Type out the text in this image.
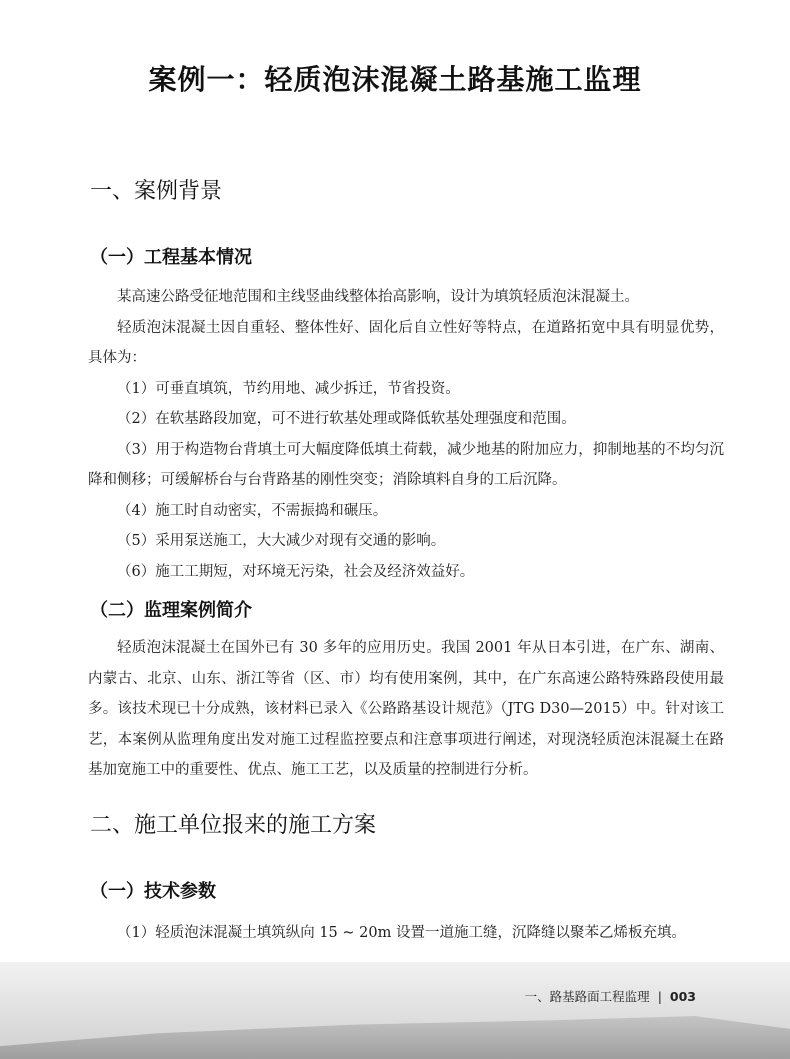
案例一：轻质泡沫混凝土路基施工监理
一、案例背景
（一）工程基本情况

某高速公路受征地范围和主线竖曲线整体抬高影响，设计为填筑轻质泡沫混凝土。

轻质泡沫混凝土因自重轻、整体性好、固化后自立性好等特点，在道路拓宽中具有明显优势，具体为：

（1）可垂直填筑，节约用地、减少拆迁，节省投资。

（2）在软基路段加宽，可不进行软基处理或降低软基处理强度和范围。

（3）用于构造物台背填土可大幅度降低填土荷载，减少地基的附加应力，抑制地基的不均匀沉降和侧移；可缓解桥台与台背路基的刚性突变；消除填料自身的工后沉降。

（4）施工时自动密实，不需振捣和碾压。

（5）采用泵送施工，大大减少对现有交通的影响。

（6）施工工期短，对环境无污染，社会及经济效益好。

（二）监理案例简介

轻质泡沫混凝土在国外已有 30 多年的应用历史。我国 2001 年从日本引进，在广东、湖南、内蒙古、北京、山东、浙江等省（区、市）均有使用案例，其中，在广东高速公路特殊路段使用最多。该技术现已十分成熟，该材料已录入《公路路基设计规范》（JTG D30—2015）中。针对该工艺，本案例从监理角度出发对施工过程监控要点和注意事项进行阐述，对现浇轻质泡沫混凝土在路基加宽施工中的重要性、优点、施工工艺，以及质量的控制进行分析。

二、施工单位报来的施工方案
（一）技术参数

（1）轻质泡沫混凝土填筑纵向 15 ~ 20m 设置一道施工缝，沉降缝以聚苯乙烯板充填。

一、路基路面工程监理 | 003
